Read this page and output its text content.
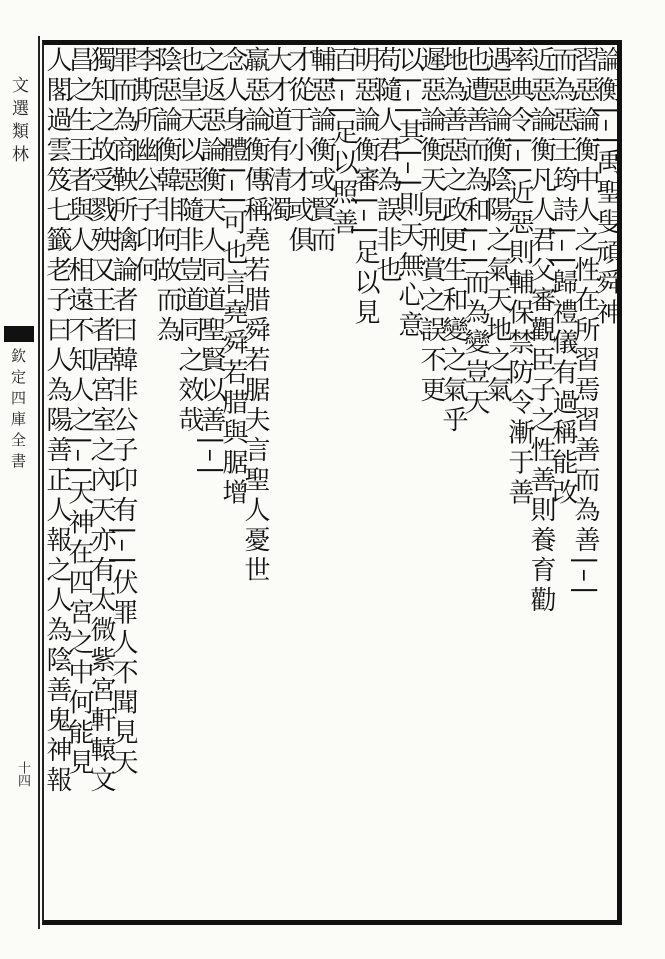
文選類林
欽定四庫全書
十四
論衡|–|禹聖叟頑舜神
習惡論衡中人之性在所習焉習善而為善|–|
而為惡王筠詩|–|歸禮儀有過稱能改
近惡論衡凡人君父審觀臣子之性善則養育勸
率典令|–|近惡則輔保禁防令漸于善
遇惡論衡陰陽之氣天地之氣
也遭善而為和|–|而為變豈天
地為善惡之政更生和變之氣乎
遲惡論衡天見刑賞之誤不更
以|–|其|–|則天無心意
苟隨人君為誤非也
明惡論衡審|–|足以見
百|–|足以照善
輔惡論衡或賢而
才從于小才或俱
大才道有清濁
羸惡論衡傳稱堯若腊舜若腒夫言聖人憂世
念人身體|–|可也言堯舜若腊與腒增
之返惡論衡天人同道聖賢以善|–|
也皇天以惡隨非豈道同之效哉
陰惡論衡韓非何故而為
李斯所幽公子卬何
罪而為商鞅所擒論者曰韓非公子卬有|–|伏罪人不聞見天
獨知之故受戮殃又王者居宮室之內天亦有太微紫宮軒轅文
昌之生王者與人相遠不知人之|–|天神在四宮之中何能見
人閣過雲笈七籤老子曰人為陽善正人報之人為陰善鬼神報
